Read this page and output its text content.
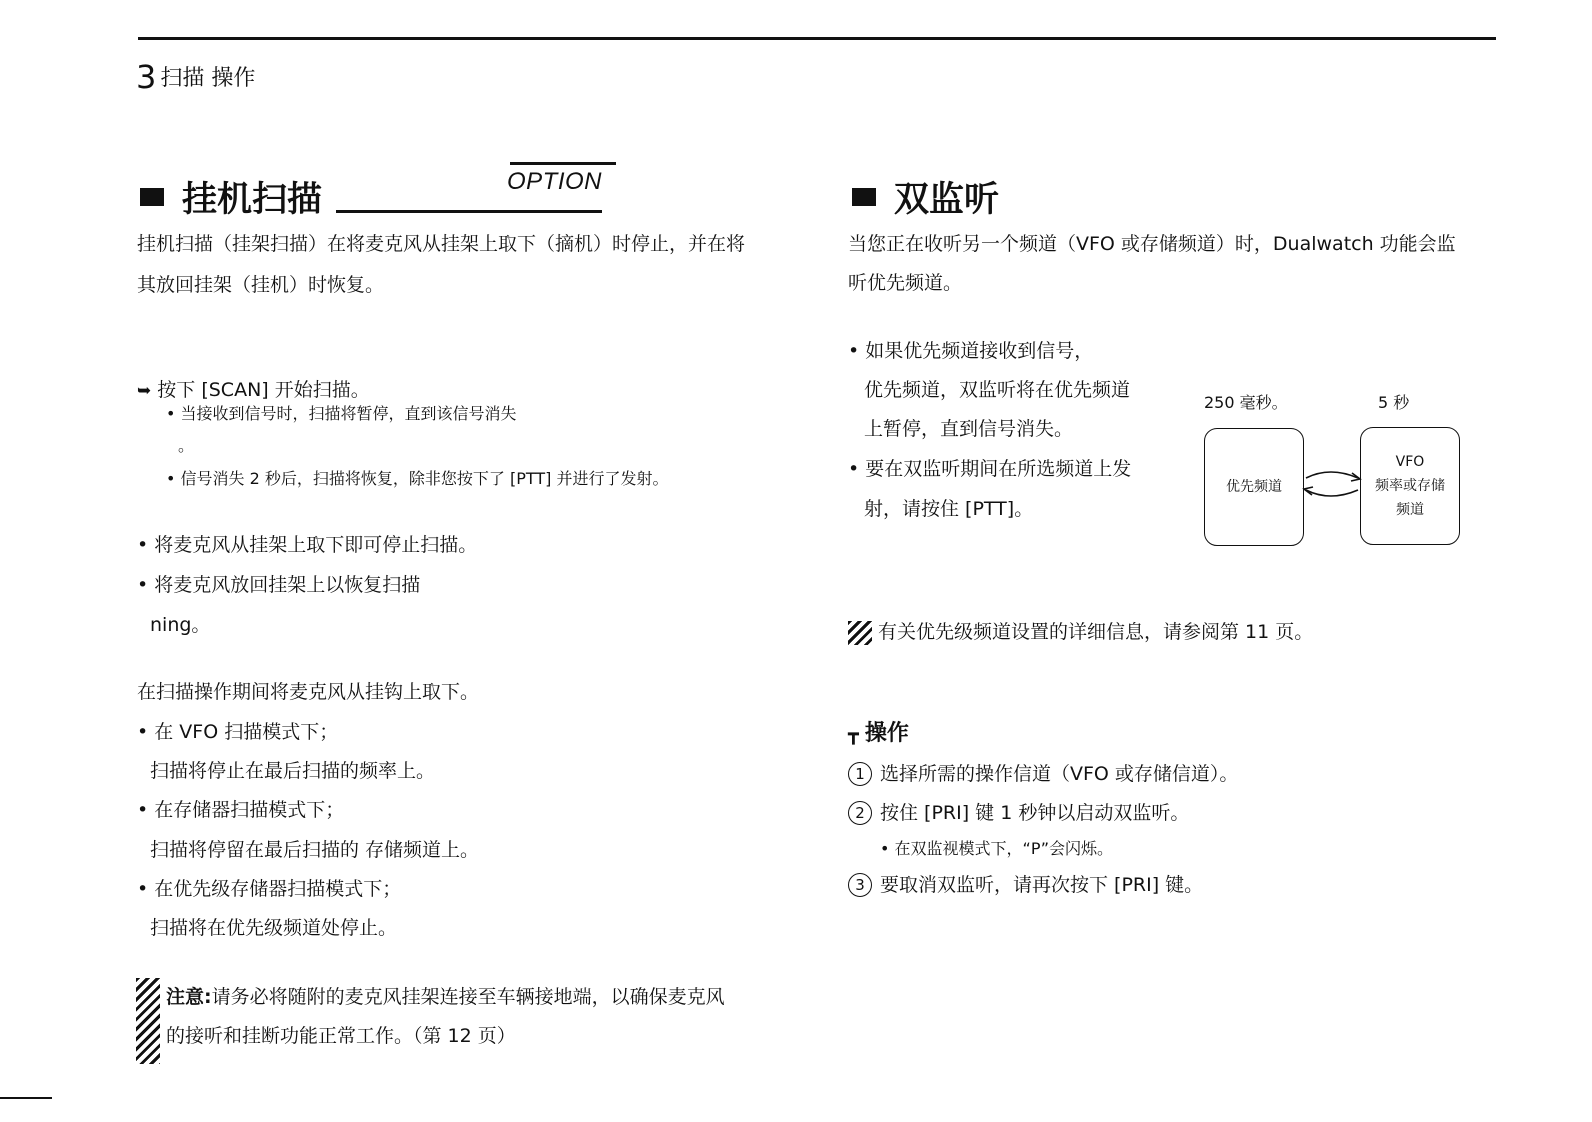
3 扫描 操作
挂机扫描	OPTION
挂机扫描（挂架扫描）在将麦克风从挂架上取下（摘机）时停止，并在将
其放回挂架（挂机）时恢复。
➥ 按下 [SCAN] 开始扫描。
• 当接收到信号时，扫描将暂停，直到该信号消失
。
• 信号消失 2 秒后，扫描将恢复，除非您按下了 [PTT] 并进行了发射。
• 将麦克风从挂架上取下即可停止扫描。
• 将麦克风放回挂架上以恢复扫描
ning。
在扫描操作期间将麦克风从挂钩上取下。
• 在 VFO 扫描模式下；
扫描将停止在最后扫描的频率上。
• 在存储器扫描模式下；
扫描将停留在最后扫描的 存储频道上。
• 在优先级存储器扫描模式下；
扫描将在优先级频道处停止。
注意:请务必将随附的麦克风挂架连接至车辆接地端，以确保麦克风
的接听和挂断功能正常工作。（第 12 页）
双监听
当您正在收听另一个频道（VFO 或存储频道）时，Dualwatch 功能会监
听优先频道。
• 如果优先频道接收到信号，
优先频道，双监听将在优先频道
上暂停，直到信号消失。
• 要在双监听期间在所选频道上发
射，请按住 [PTT]。
250 毫秒。	5 秒
优先频道
VFO
频率或存储
频道
有关优先级频道设置的详细信息，请参阅第 11 页。
┳ 操作
1 选择所需的操作信道（VFO 或存储信道）。
2 按住 [PRI] 键 1 秒钟以启动双监听。
• 在双监视模式下，“P”会闪烁。
3 要取消双监听，请再次按下 [PRI] 键。
